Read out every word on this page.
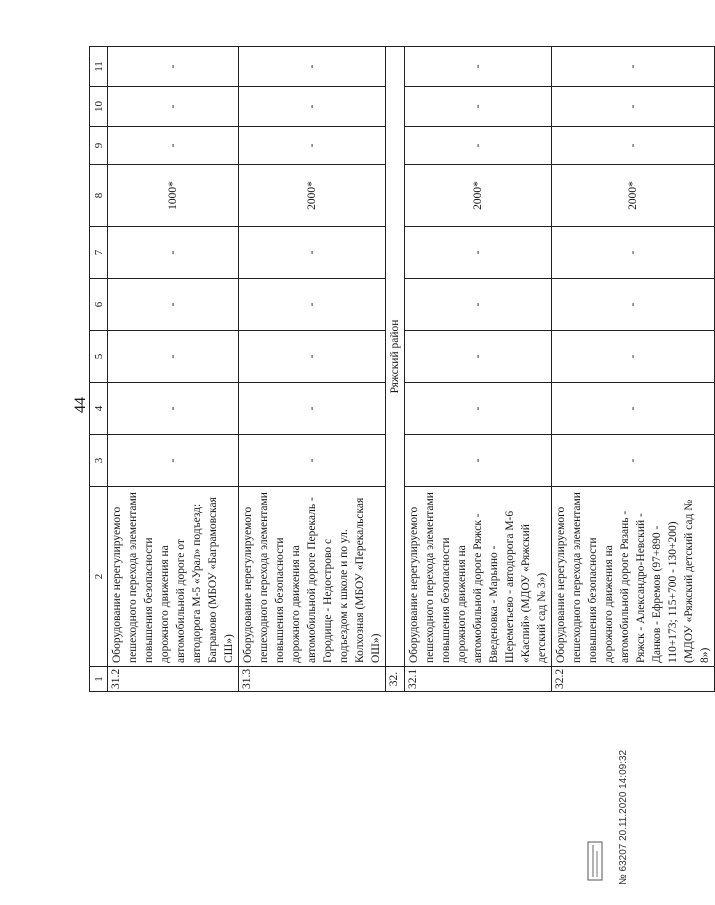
44
1	2	3	4	5	6	7	8	9	10	11
31.2	Оборудование нерегулируемого пешеходного перехода элементами повышения безопасности дорожного движения на автомобильной дороге от автодорога М-5 «Урал» подъезд: Баграмово (МБОУ «Баграмовская СШ»)	-	-	-	-	-	1000*	-	-	-
31.3	Оборудование нерегулируемого пешеходного перехода элементами повышения безопасности дорожного движения на автомобильной дороге Перекаль - Городище - Недострово с подъездом к школе и по ул. Колхозная (МБОУ «Перекальская ОШ»)	-	-	-	-	-	2000*	-	-	-
32.	Ряжский район									
32.1	Оборудование нерегулируемого пешеходного перехода элементами повышения безопасности дорожного движения на автомобильной дороге Ряжск - Введеновка - Марьино - Шереметьево - автодорога М-6 «Каспий» (МДОУ «Ряжский детский сад № 3»)	-	-	-	-	-	2000*	-	-	-
32.2	Оборудование нерегулируемого пешеходного перехода элементами повышения безопасности дорожного движения на автомобильной дороге Рязань - Ряжск - Александро-Невский - Данков - Ефремов (97+890 - 110+173; 115+700 - 130+200) (МДОУ «Ряжский детский сад № 8»)	-	-	-	-	-	2000*	-	-	-
№ 63207 20.11.2020 14:09:32
